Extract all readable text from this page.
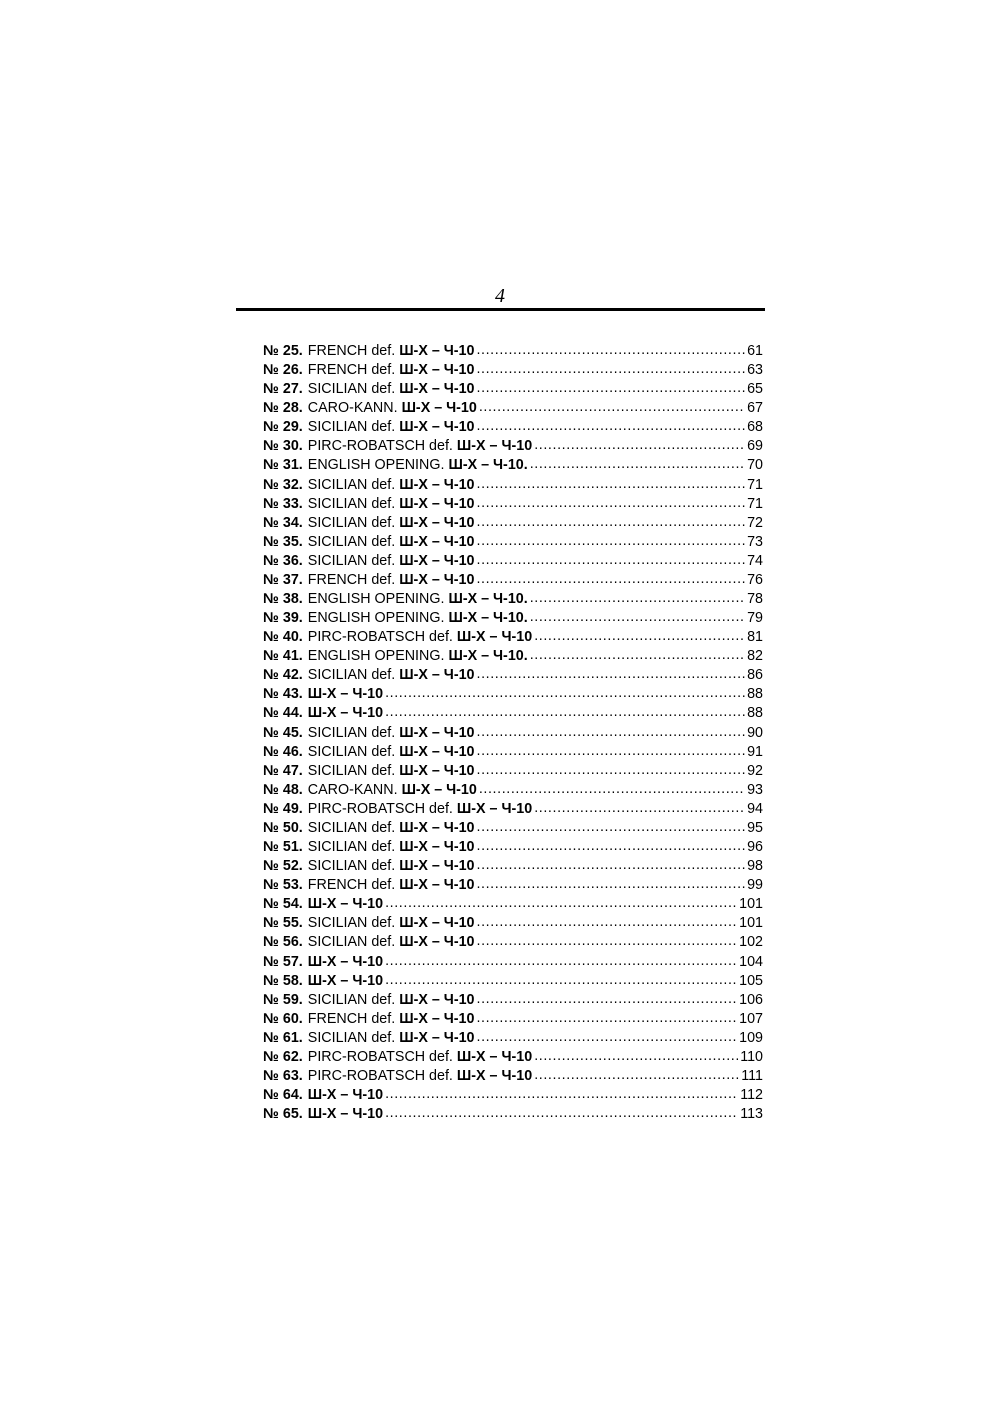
4
№ 25. FRENCH def. Ш-Х – Ч-10 .....	61
№ 26. FRENCH def. Ш-Х – Ч-10 .....	63
№ 27. SICILIAN def. Ш-Х – Ч-10 .....	65
№ 28. CARO-KANN. Ш-Х – Ч-10 .....	67
№ 29. SICILIAN def. Ш-Х – Ч-10 .....	68
№ 30. PIRC-ROBATSCH def. Ш-Х – Ч-10 .....	69
№ 31. ENGLISH OPENING. Ш-Х – Ч-10. .....	70
№ 32. SICILIAN def. Ш-Х – Ч-10 .....	71
№ 33. SICILIAN def. Ш-Х – Ч-10 .....	71
№ 34. SICILIAN def. Ш-Х – Ч-10 .....	72
№ 35. SICILIAN def. Ш-Х – Ч-10 .....	73
№ 36. SICILIAN def. Ш-Х – Ч-10 .....	74
№ 37. FRENCH def. Ш-Х – Ч-10 .....	76
№ 38. ENGLISH OPENING. Ш-Х – Ч-10. .....	78
№ 39. ENGLISH OPENING. Ш-Х – Ч-10. .....	79
№ 40. PIRC-ROBATSCH def. Ш-Х – Ч-10 .....	81
№ 41. ENGLISH OPENING. Ш-Х – Ч-10. .....	82
№ 42. SICILIAN def. Ш-Х – Ч-10 .....	86
№ 43. Ш-Х – Ч-10 .....	88
№ 44. Ш-Х – Ч-10 .....	88
№ 45. SICILIAN def. Ш-Х – Ч-10 .....	90
№ 46. SICILIAN def. Ш-Х – Ч-10 .....	91
№ 47. SICILIAN def. Ш-Х – Ч-10 .....	92
№ 48. CARO-KANN. Ш-Х – Ч-10 .....	93
№ 49. PIRC-ROBATSCH def. Ш-Х – Ч-10 .....	94
№ 50. SICILIAN def. Ш-Х – Ч-10 .....	95
№ 51. SICILIAN def. Ш-Х – Ч-10 .....	96
№ 52. SICILIAN def. Ш-Х – Ч-10 .....	98
№ 53. FRENCH def. Ш-Х – Ч-10 .....	99
№ 54. Ш-Х – Ч-10 .....	101
№ 55. SICILIAN def. Ш-Х – Ч-10 .....	101
№ 56. SICILIAN def. Ш-Х – Ч-10 .....	102
№ 57. Ш-Х – Ч-10 .....	104
№ 58. Ш-Х – Ч-10 .....	105
№ 59. SICILIAN def. Ш-Х – Ч-10 .....	106
№ 60. FRENCH def. Ш-Х – Ч-10 .....	107
№ 61. SICILIAN def. Ш-Х – Ч-10 .....	109
№ 62. PIRC-ROBATSCH def. Ш-Х – Ч-10 .....	110
№ 63. PIRC-ROBATSCH def. Ш-Х – Ч-10 .....	111
№ 64. Ш-Х – Ч-10 .....	112
№ 65. Ш-Х – Ч-10 .....	113
